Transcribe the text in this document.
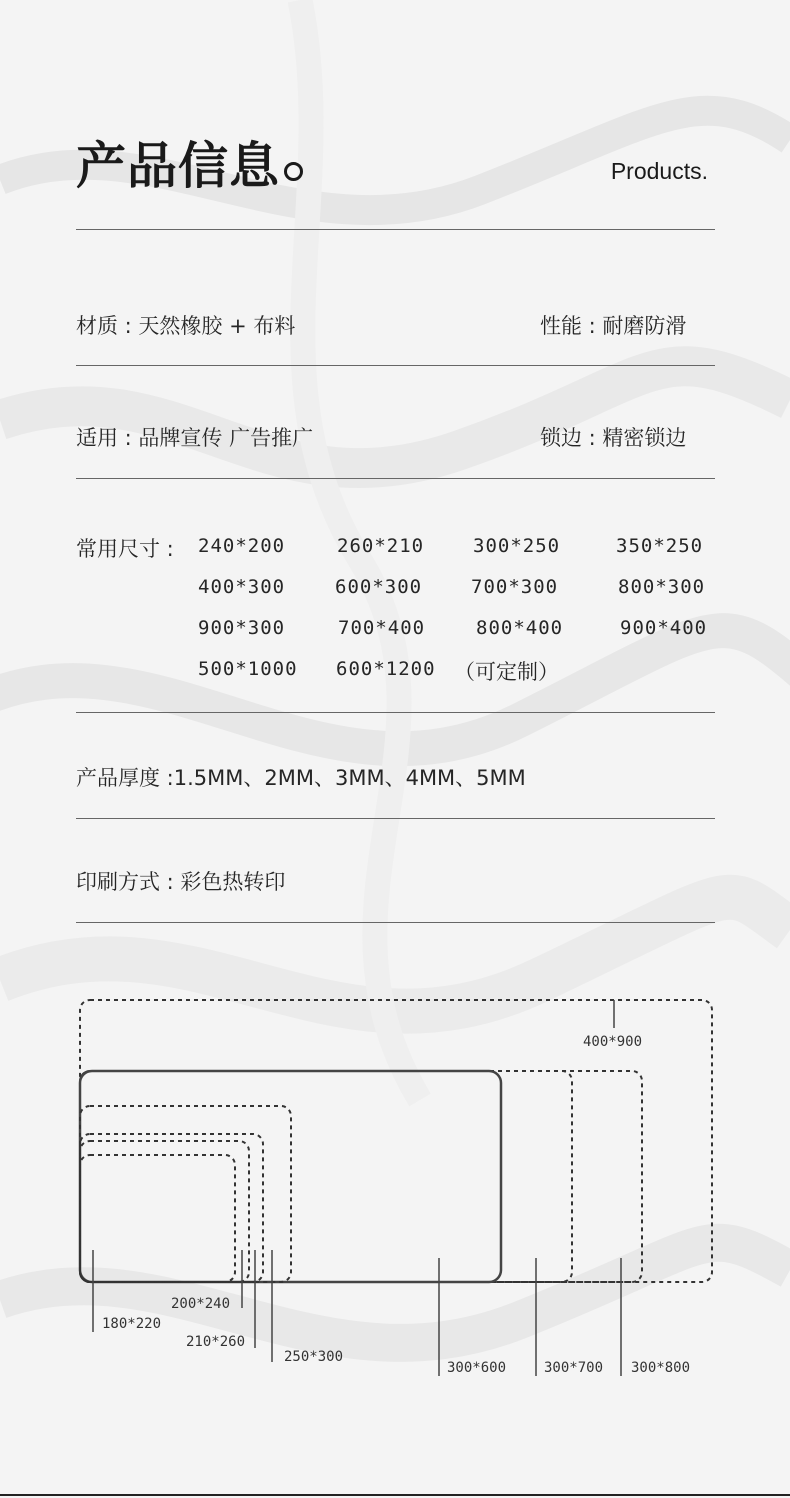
产品信息	Products.
材质 : 天然橡胶 + 布料	性能 : 耐磨防滑
适用 : 品牌宣传 广告推广	锁边 : 精密锁边
常用尺寸 : 240*200	260*210	300*250	350*250
400*300	600*300	700*300	800*300
900*300	700*400	800*400	900*400
500*1000 600*1200 （可定制）
产品厚度 :1.5MM、2MM、3MM、4MM、5MM
印刷方式 : 彩色热转印
400*900
180*220
200*240
210*260
250*300
300*600	300*700 300*800
